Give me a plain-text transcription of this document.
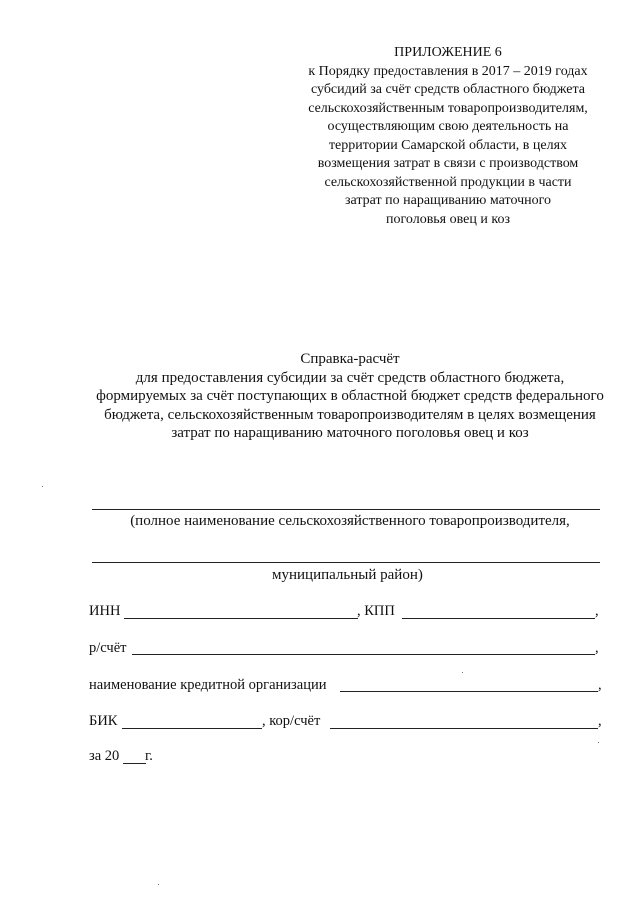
ПРИЛОЖЕНИЕ 6
к Порядку предоставления в 2017 – 2019 годах
субсидий за счёт средств областного бюджета
сельскохозяйственным товаропроизводителям,
осуществляющим свою деятельность на
территории Самарской области, в целях
возмещения затрат в связи с производством
сельскохозяйственной продукции в части
затрат по наращиванию маточного
поголовья овец и коз
Справка-расчёт
для предоставления субсидии за счёт средств областного бюджета,
формируемых за счёт поступающих в областной бюджет средств федерального
бюджета, сельскохозяйственным товаропроизводителям в целях возмещения
затрат по наращиванию маточного поголовья овец и коз
(полное наименование сельскохозяйственного товаропроизводителя,
муниципальный район)
ИНН	, КПП	,
р/счёт	,
наименование кредитной организации	,
БИК	, кор/счёт	,
за 20 г.
